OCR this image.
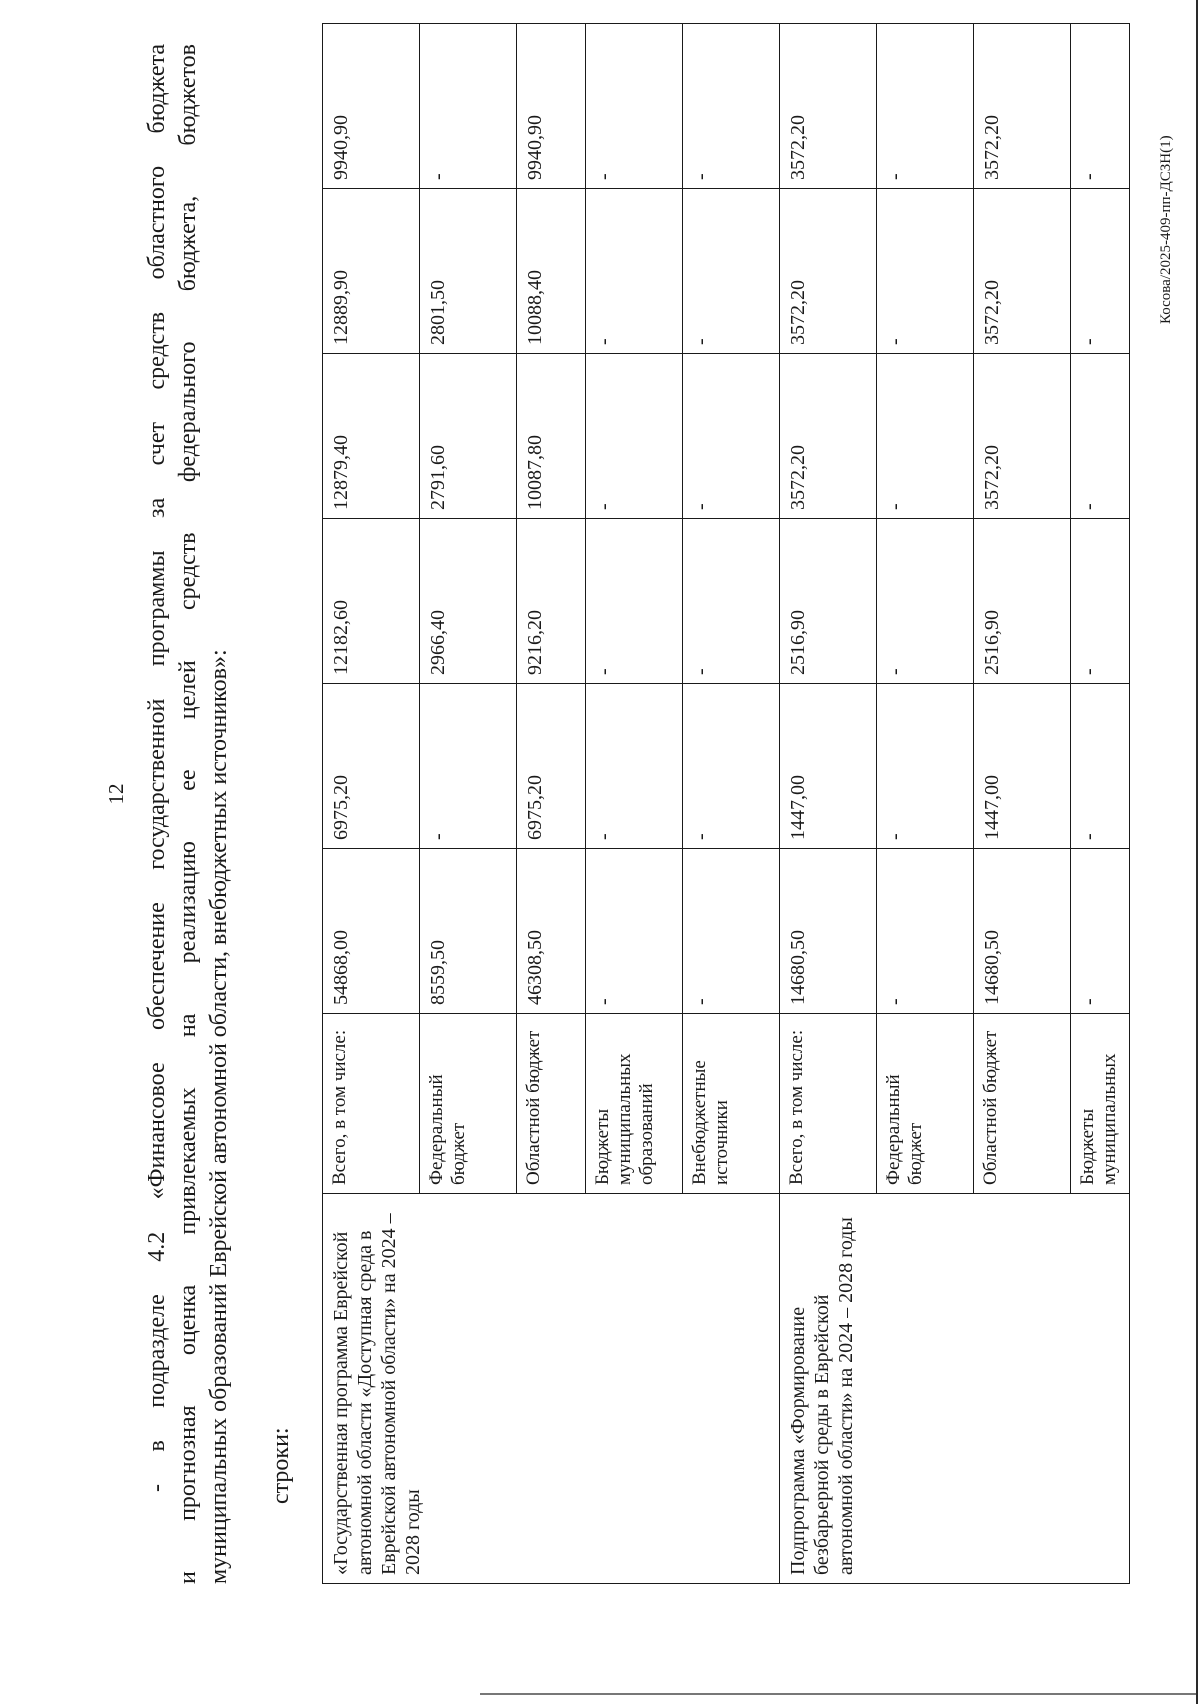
12 - в подразделе 4.2 «Финансовое обеспечение государственной программы за счет средств областного бюджета и прогнозная оценка привлекаемых на реализацию ее целей средств федерального бюджета, бюджетов муниципальных образований Еврейской автономной области, внебюджетных источников»: строки: «Государственная программа Еврейской автономной области «Доступная среда в Еврейской автономной области» на 2024 – 2028 годы	Всего, в том числе:	54868,00	6975,20	12182,60	12879,40	12889,90	9940,90
	Федеральный бюджет	8559,50	-	2966,40	2791,60	2801,50	-
	Областной бюджет	46308,50	6975,20	9216,20	10087,80	10088,40	9940,90
	Бюджеты муниципальных образований	-	-	-	-	-	-
	Внебюджетные источники	-	-	-	-	-	-
Подпрограмма «Формирование безбарьерной среды в Еврейской автономной области» на 2024 – 2028 годы	Всего, в том числе:	14680,50	1447,00	2516,90	3572,20	3572,20	3572,20
	Федеральный бюджет	-	-	-	-	-	-
	Областной бюджет	14680,50	1447,00	2516,90	3572,20	3572,20	3572,20
	Бюджеты муниципальных	-	-	-	-	-	-	Косова/2025-409-пп-ДСЗН(1)
